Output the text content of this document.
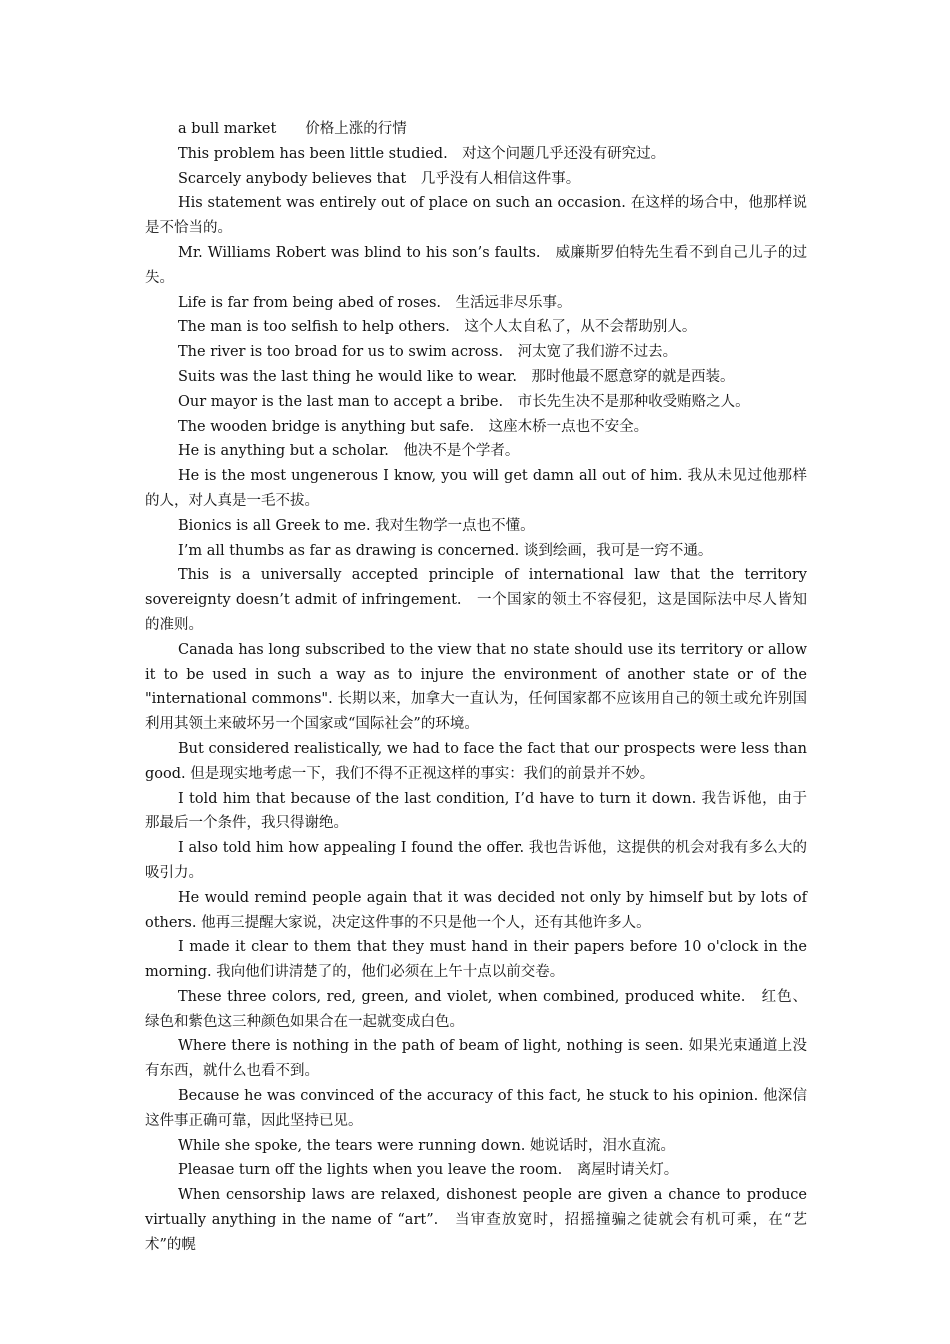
a bull market　　价格上涨的行情

This problem has been little studied.　对这个问题几乎还没有研究过。

Scarcely anybody believes that　几乎没有人相信这件事。

His statement was entirely out of place on such an occasion. 在这样的场合中，他那样说是不恰当的。

Mr. Williams Robert was blind to his son’s faults.　威廉斯罗伯特先生看不到自己儿子的过失。

Life is far from being abed of roses.　生活远非尽乐事。

The man is too selfish to help others.　这个人太自私了，从不会帮助别人。

The river is too broad for us to swim across.　河太宽了我们游不过去。

Suits was the last thing he would like to wear.　那时他最不愿意穿的就是西装。

Our mayor is the last man to accept a bribe.　市长先生决不是那种收受贿赂之人。

The wooden bridge is anything but safe.　这座木桥一点也不安全。

He is anything but a scholar.　他决不是个学者。

He is the most ungenerous I know, you will get damn all out of him. 我从未见过他那样的人，对人真是一毛不拔。

Bionics is all Greek to me. 我对生物学一点也不懂。

I’m all thumbs as far as drawing is concerned. 谈到绘画，我可是一窍不通。

This is a universally accepted principle of international law that the territory sovereignty doesn’t admit of infringement.　一个国家的领土不容侵犯，这是国际法中尽人皆知的准则。

Canada has long subscribed to the view that no state should use its territory or allow it to be used in such a way as to injure the environment of another state or of the "international commons". 长期以来，加拿大一直认为，任何国家都不应该用自己的领土或允许别国利用其领土来破坏另一个国家或“国际社会”的环境。

But considered realistically, we had to face the fact that our prospects were less than good. 但是现实地考虑一下，我们不得不正视这样的事实：我们的前景并不妙。

I told him that because of the last condition, I’d have to turn it down. 我告诉他，由于那最后一个条件，我只得谢绝。

I also told him how appealing I found the offer. 我也告诉他，这提供的机会对我有多么大的吸引力。

He would remind people again that it was decided not only by himself but by lots of others. 他再三提醒大家说，决定这件事的不只是他一个人，还有其他许多人。

I made it clear to them that they must hand in their papers before 10 o'clock in the morning. 我向他们讲清楚了的，他们必须在上午十点以前交卷。

These three colors, red, green, and violet, when combined, produced white.　红色、绿色和紫色这三种颜色如果合在一起就变成白色。

Where there is nothing in the path of beam of light, nothing is seen. 如果光束通道上没有东西，就什么也看不到。

Because he was convinced of the accuracy of this fact, he stuck to his opinion. 他深信这件事正确可靠，因此坚持已见。

While she spoke, the tears were running down. 她说话时，泪水直流。

Pleasae turn off the lights when you leave the room.　离屋时请关灯。

When censorship laws are relaxed, dishonest people are given a chance to produce virtually anything in the name of “art”.　当审查放宽时，招摇撞骗之徒就会有机可乘，在“艺术”的幌
